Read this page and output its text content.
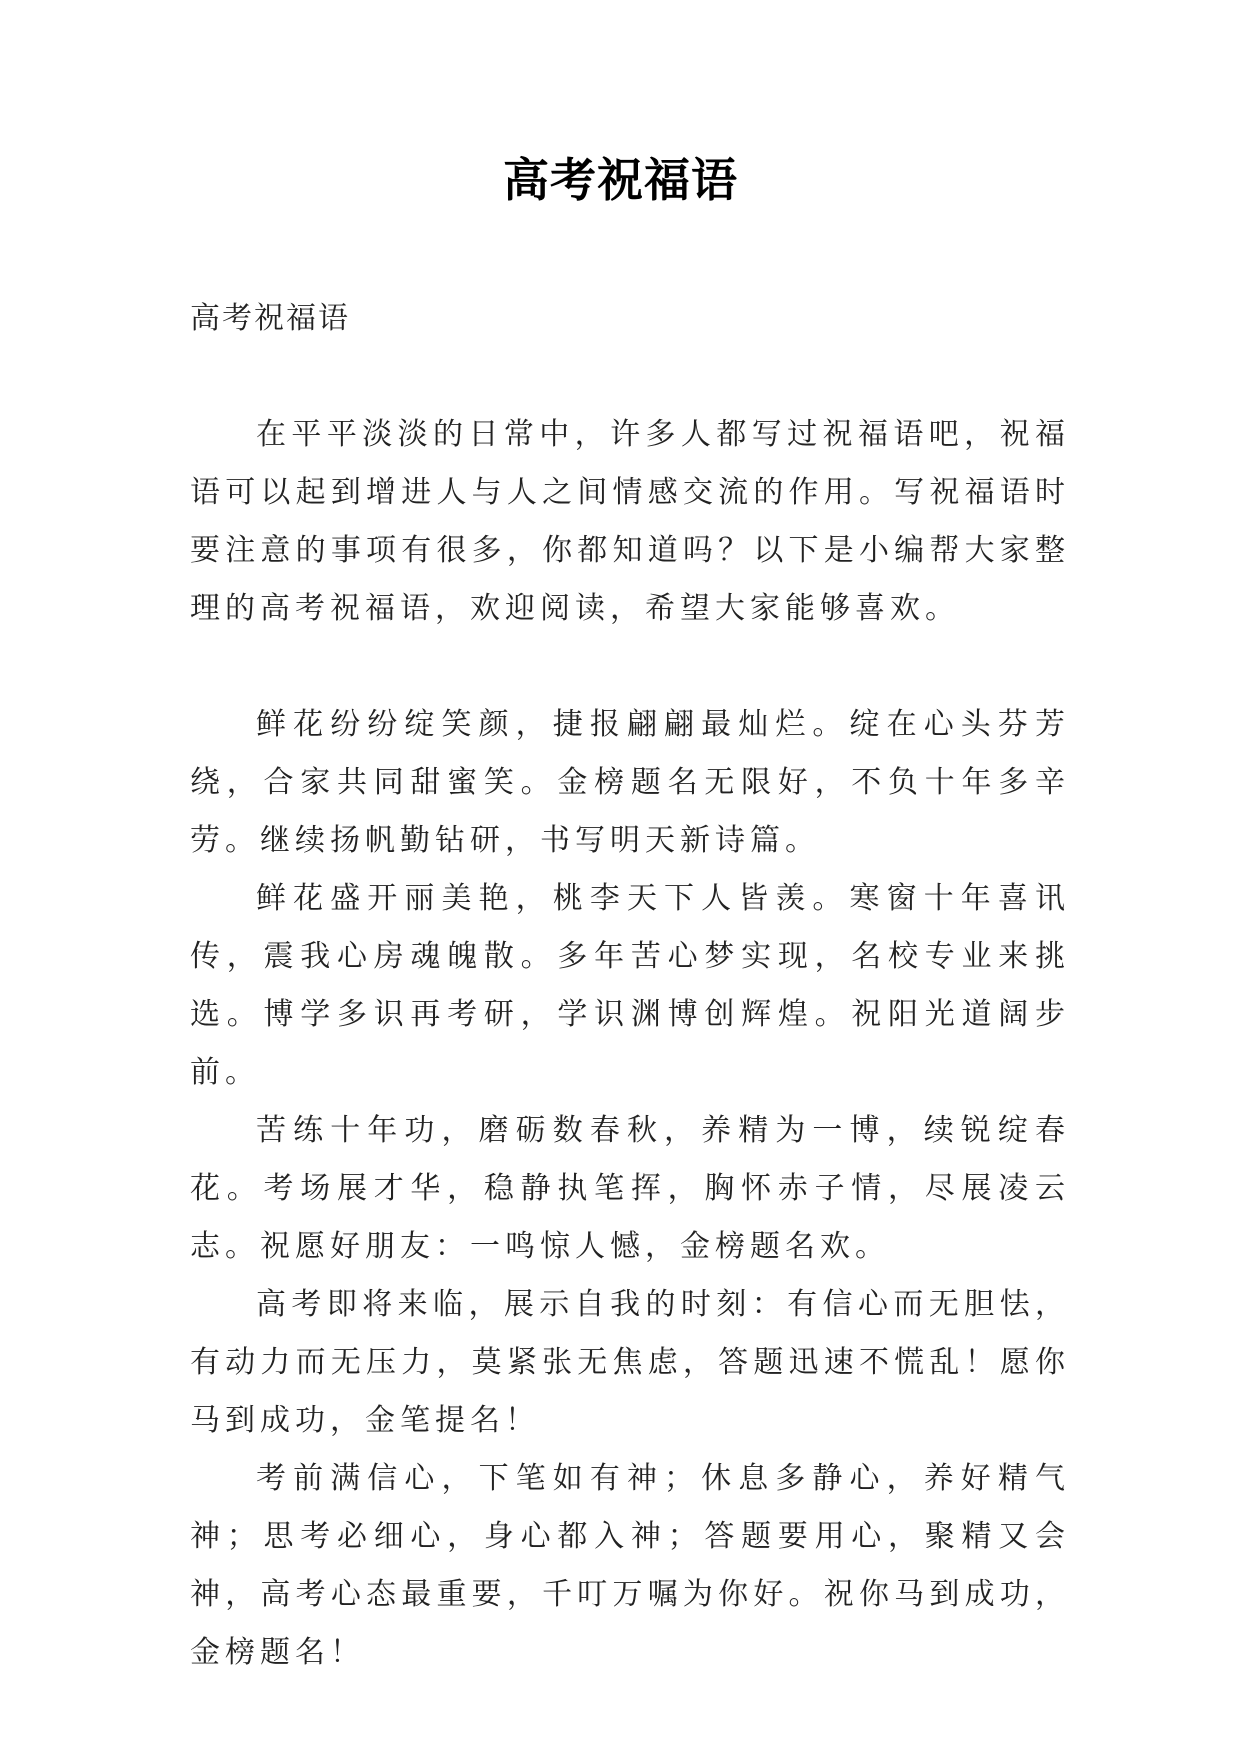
高考祝福语

高考祝福语

在平平淡淡的日常中，许多人都写过祝福语吧，祝福语可以起到增进人与人之间情感交流的作用。写祝福语时要注意的事项有很多，你都知道吗？以下是小编帮大家整理的高考祝福语，欢迎阅读，希望大家能够喜欢。

鲜花纷纷绽笑颜，捷报翩翩最灿烂。绽在心头芬芳绕，合家共同甜蜜笑。金榜题名无限好，不负十年多辛劳。继续扬帆勤钻研，书写明天新诗篇。

鲜花盛开丽美艳，桃李天下人皆羡。寒窗十年喜讯传，震我心房魂魄散。多年苦心梦实现，名校专业来挑选。博学多识再考研，学识渊博创辉煌。祝阳光道阔步前。

苦练十年功，磨砺数春秋，养精为一博，续锐绽春花。考场展才华，稳静执笔挥，胸怀赤子情，尽展凌云志。祝愿好朋友：一鸣惊人憾，金榜题名欢。

高考即将来临，展示自我的时刻：有信心而无胆怯，有动力而无压力，莫紧张无焦虑，答题迅速不慌乱！愿你马到成功，金笔提名！

考前满信心，下笔如有神；休息多静心，养好精气神；思考必细心，身心都入神；答题要用心，聚精又会神，高考心态最重要，千叮万嘱为你好。祝你马到成功，金榜题名！
